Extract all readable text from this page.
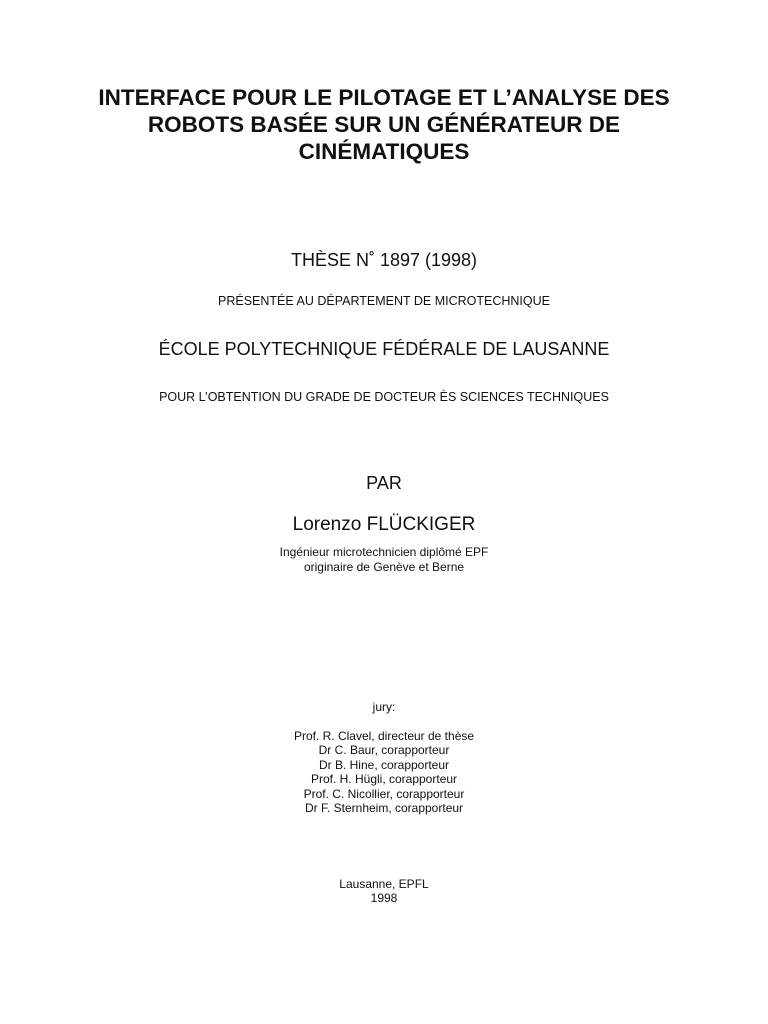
INTERFACE POUR LE PILOTAGE ET L’ANALYSE DES
ROBOTS BASÉE SUR UN GÉNÉRATEUR DE
CINÉMATIQUES
THÈSE N˚ 1897 (1998)
PRÉSENTÉE AU DÉPARTEMENT DE MICROTECHNIQUE
ÉCOLE POLYTECHNIQUE FÉDÉRALE DE LAUSANNE
POUR L’OBTENTION DU GRADE DE DOCTEUR ÈS SCIENCES TECHNIQUES
PAR
Lorenzo FLÜCKIGER
Ingénieur microtechnicien diplômé EPF
originaire de Genève et Berne
jury:
Prof. R. Clavel, directeur de thèse
Dr C. Baur, corapporteur
Dr B. Hine, corapporteur
Prof. H. Hügli, corapporteur
Prof. C. Nicollier, corapporteur
Dr F. Sternheim, corapporteur
Lausanne, EPFL
1998
